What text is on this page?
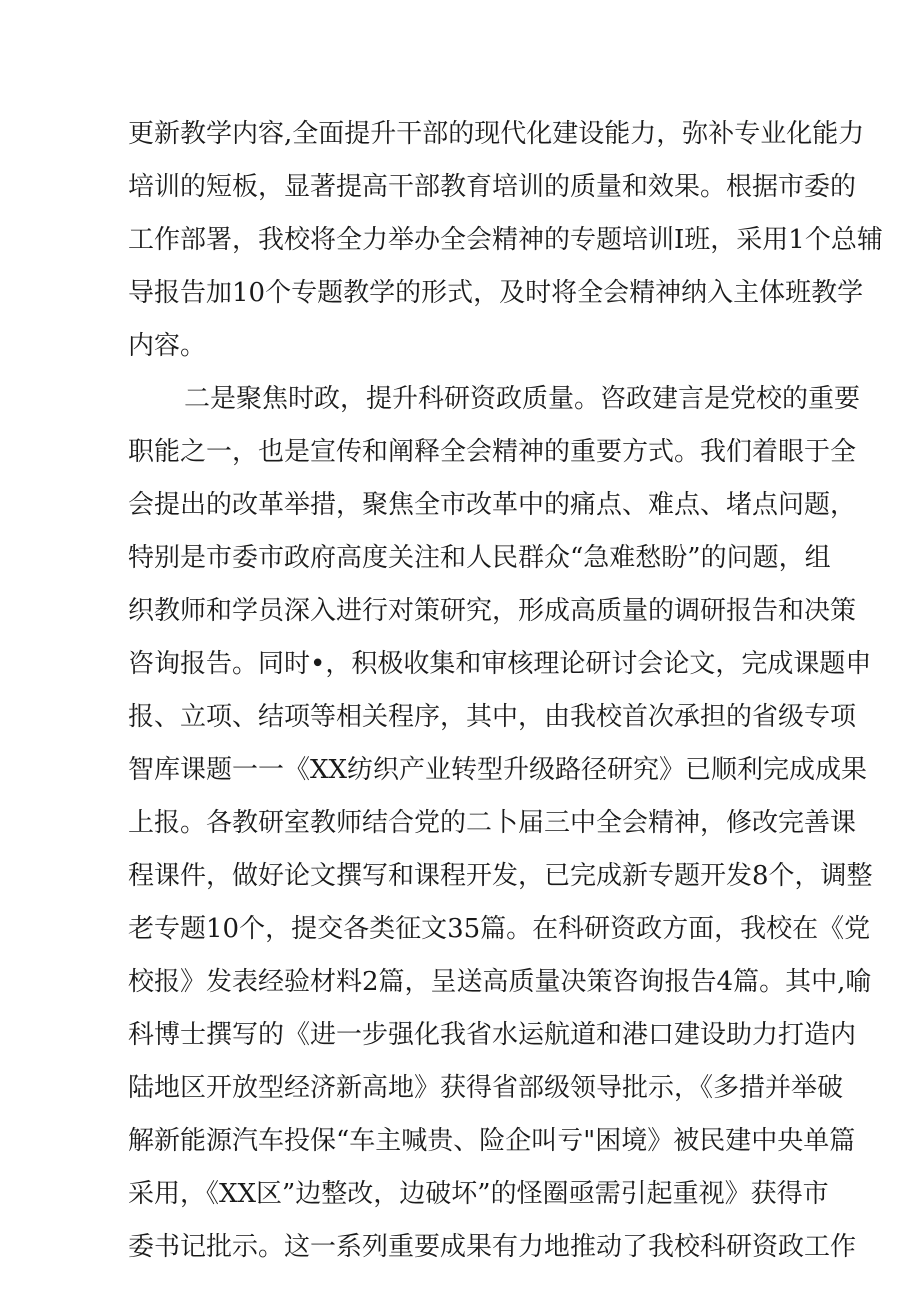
更新教学内容,全面提升干部的现代化建设能力，弥补专业化能力
培训的短板，显著提高干部教育培训的质量和效果。根据市委的
工作部署，我校将全力举办全会精神的专题培训I班，采用1个总辅
导报告加10个专题教学的形式，及时将全会精神纳入主体班教学
内容。
二是聚焦时政，提升科研资政质量。咨政建言是党校的重要
职能之一，也是宣传和阐释全会精神的重要方式。我们着眼于全
会提出的改革举措，聚焦全市改革中的痛点、难点、堵点问题，
特别是市委市政府高度关注和人民群众“急难愁盼”的问题，组
织教师和学员深入进行对策研究，形成高质量的调研报告和决策
咨询报告。同时•，积极收集和审核理论研讨会论文，完成课题申
报、立项、结项等相关程序，其中，由我校首次承担的省级专项
智库课题一一《XX纺织产业转型升级路径研究》已顺利完成成果
上报。各教研室教师结合党的二卜届三中全会精神，修改完善课
程课件，做好论文撰写和课程开发，已完成新专题开发8个，调整
老专题10个，提交各类征文35篇。在科研资政方面，我校在《党
校报》发表经验材料2篇，呈送高质量决策咨询报告4篇。其中,喻
科博士撰写的《进一步强化我省水运航道和港口建设助力打造内
陆地区开放型经济新高地》获得省部级领导批示，《多措并举破
解新能源汽车投保“车主喊贵、险企叫亏"困境》被民建中央单篇
采用，《XX区”边整改，边破坏”的怪圈亟需引起重视》获得市
委书记批示。这一系列重要成果有力地推动了我校科研资政工作
